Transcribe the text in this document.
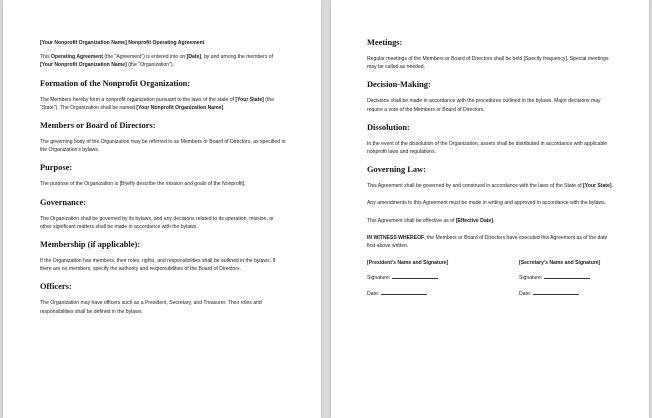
[Your Nonprofit Organization Name] Nonprofit Operating Agreement

This Operating Agreement (the "Agreement") is entered into on [Date], by and among the members of [Your Nonprofit Organization Name] (the "Organization").

Formation of the Nonprofit Organization:

The Members hereby form a nonprofit organization pursuant to the laws of the state of [Your State] (the "State"). The Organization shall be named [Your Nonprofit Organization Name].

Members or Board of Directors:

The governing body of the Organization may be referred to as Members or Board of Directors, as specified in the Organization's bylaws.

Purpose:

The purpose of the Organization is [Briefly describe the mission and goals of the Nonprofit].

Governance:

The Organization shall be governed by its bylaws, and any decisions related to its operation, mission, or other significant matters shall be made in accordance with the bylaws.

Membership (if applicable):

If the Organization has members, their roles, rights, and responsibilities shall be outlined in the bylaws. If there are no members, specify the authority and responsibilities of the Board of Directors.

Officers:

The Organization may have officers such as a President, Secretary, and Treasurer. Their roles and responsibilities shall be defined in the bylaws.

Meetings:

Regular meetings of the Members or Board of Directors shall be held [Specify frequency]. Special meetings may be called as needed.

Decision-Making:

Decisions shall be made in accordance with the procedures outlined in the bylaws. Major decisions may require a vote of the Members or Board of Directors.

Dissolution:

In the event of the dissolution of the Organization, assets shall be distributed in accordance with applicable nonprofit laws and regulations.

Governing Law:

This Agreement shall be governed by and construed in accordance with the laws of the State of [Your State].

Any amendments to this Agreement must be made in writing and approved in accordance with the bylaws.

This Agreement shall be effective as of [Effective Date].

IN WITNESS WHEREOF, the Members or Board of Directors have executed this Agreement as of the date first above written.

[President's Name and Signature]

Signature:

Date:

[Secretary's Name and Signature]

Signature:

Date:
